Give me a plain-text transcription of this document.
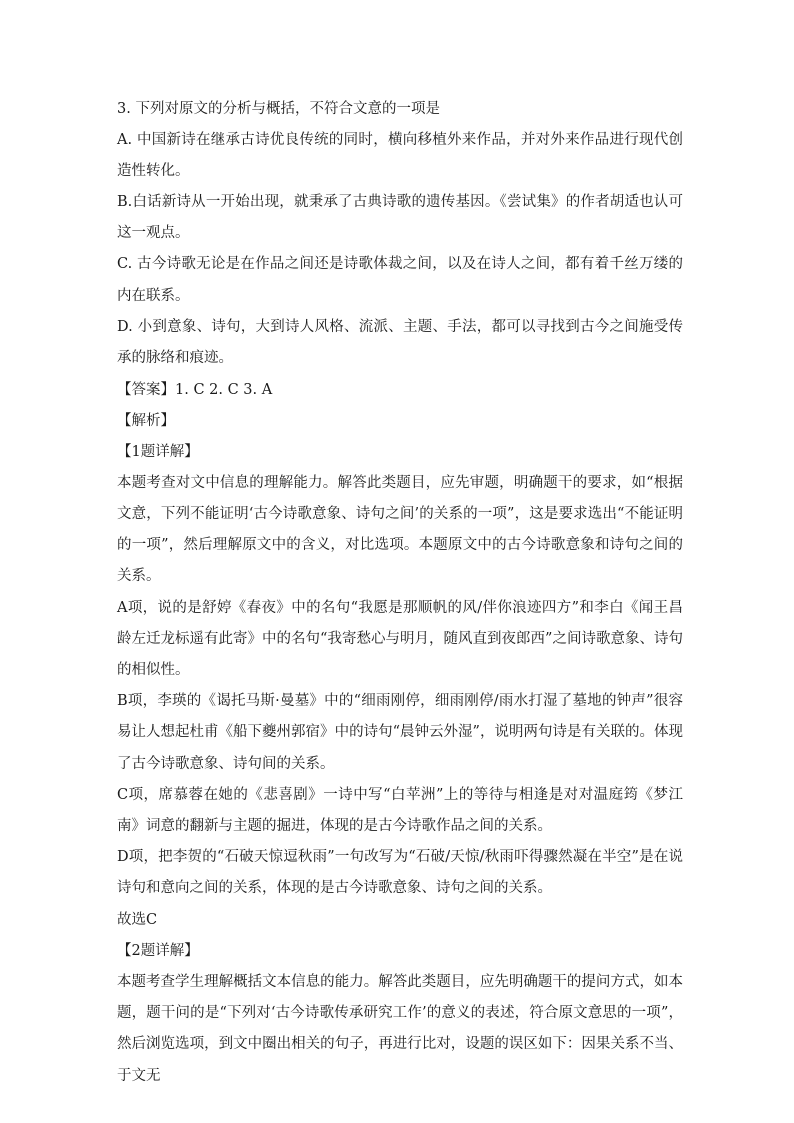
3. 下列对原文的分析与概括，不符合文意的一项是

A. 中国新诗在继承古诗优良传统的同时，横向移植外来作品，并对外来作品进行现代创造性转化。

B.白话新诗从一开始出现，就秉承了古典诗歌的遗传基因。《尝试集》的作者胡适也认可这一观点。

C. 古今诗歌无论是在作品之间还是诗歌体裁之间，以及在诗人之间，都有着千丝万缕的内在联系。

D. 小到意象、诗句，大到诗人风格、流派、主题、手法，都可以寻找到古今之间施受传承的脉络和痕迹。

【答案】1. C 2. C 3. A

【解析】

【1题详解】

本题考查对文中信息的理解能力。解答此类题目，应先审题，明确题干的要求，如“根据文意，下列不能证明‘古今诗歌意象、诗句之间’的关系的一项”，这是要求选出“不能证明的一项”，然后理解原文中的含义，对比选项。本题原文中的古今诗歌意象和诗句之间的关系。

A项，说的是舒婷《春夜》中的名句“我愿是那顺帆的风/伴你浪迹四方”和李白《闻王昌龄左迁龙标遥有此寄》中的名句“我寄愁心与明月，随风直到夜郎西”之间诗歌意象、诗句的相似性。

B项，李瑛的《谒托马斯·曼墓》中的“细雨刚停，细雨刚停/雨水打湿了墓地的钟声”很容易让人想起杜甫《船下夔州郭宿》中的诗句“晨钟云外湿”，说明两句诗是有关联的。体现了古今诗歌意象、诗句间的关系。

C项，席慕蓉在她的《悲喜剧》一诗中写“白苹洲”上的等待与相逢是对对温庭筠《梦江南》词意的翻新与主题的掘进，体现的是古今诗歌作品之间的关系。

D项，把李贺的“石破天惊逗秋雨”一句改写为“石破/天惊/秋雨吓得骤然凝在半空”是在说诗句和意向之间的关系，体现的是古今诗歌意象、诗句之间的关系。

故选C

【2题详解】

本题考查学生理解概括文本信息的能力。解答此类题目，应先明确题干的提问方式，如本题，题干问的是“下列对‘古今诗歌传承研究工作’的意义的表述，符合原文意思的一项”，然后浏览选项，到文中圈出相关的句子，再进行比对，设题的误区如下：因果关系不当、于文无
